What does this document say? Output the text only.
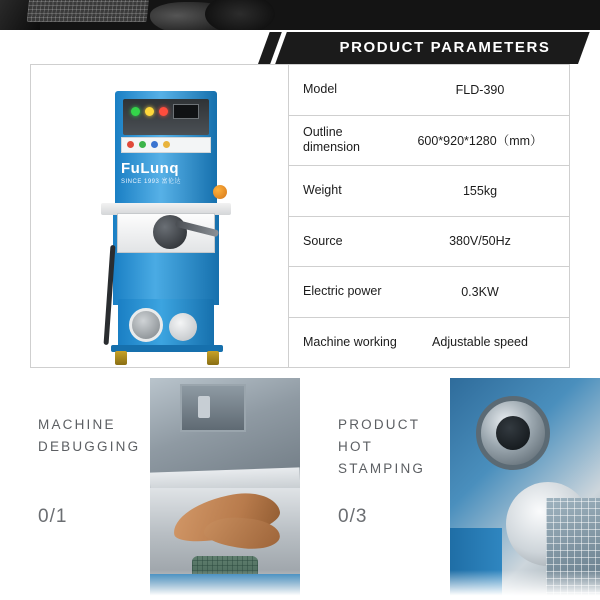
PRODUCT PARAMETERS
FuLunq
SINCE 1993 富伦达
Model	FLD-390
Outline dimension	600*920*1280（mm）
Weight	155kg
Source	380V/50Hz
Electric power	0.3KW
Machine working	Adjustable speed
MACHINE
DEBUGGING
0/1
PRODUCT
HOT STAMPING
0/3
